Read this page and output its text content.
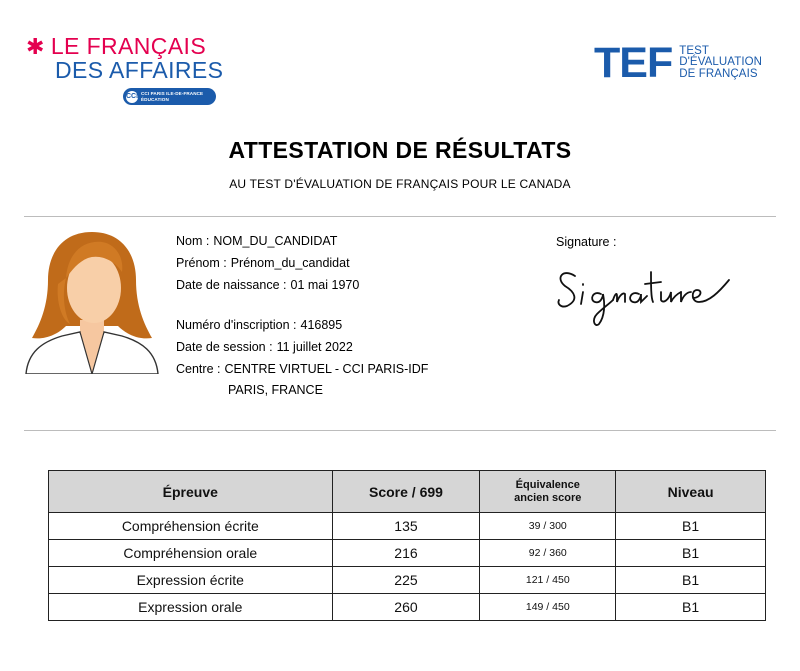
✱ LE FRANÇAIS
DES AFFAIRES
CCI CCI PARIS ILE-DE-FRANCE
ÉDUCATION
TEF TEST
D'ÉVALUATION
DE FRANÇAIS
ATTESTATION DE RÉSULTATS
AU TEST D'ÉVALUATION DE FRANÇAIS POUR LE CANADA
Nom : NOM_DU_CANDIDAT
Prénom : Prénom_du_candidat
Date de naissance : 01 mai 1970
Numéro d'inscription : 416895
Date de session : 11 juillet 2022
Centre : CENTRE VIRTUEL - CCI PARIS-IDF
PARIS, FRANCE
Signature :
Épreuve	Score / 699	Équivalence
ancien score	Niveau
Compréhension écrite	135	39 / 300	B1
Compréhension orale	216	92 / 360	B1
Expression écrite	225	121 / 450	B1
Expression orale	260	149 / 450	B1
